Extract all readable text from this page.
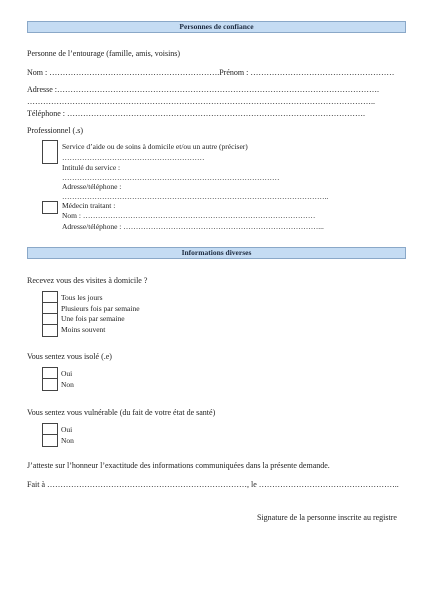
Personnes de confiance
Personne de l’entourage (famille, amis, voisins)
Nom : ……………………………………………………….Prénom : ………………………………………………
Adresse :………………………………………………………………………………………………………….
…………………………………………………………………………………………………………………..
Téléphone : ………………………………………………………………………………………………….
Professionnel (.s)
Service d’aide ou de soins à domicile et/ou un autre (préciser)
…………………………………………………
Intitulé du service :
……………………………………………………………………………
Adresse/téléphone :
……………………………………………………………………………………………..
Médecin traitant :
Nom : …………………………………………………………………………………
Adresse/téléphone : ……………………………………………………………………...
Informations diverses
Recevez vous des visites à domicile ?
Tous les jours
Plusieurs fois par semaine
Une fois par semaine
Moins souvent
Vous sentez vous isolé (.e)
Oui
Non
Vous sentez vous vulnérable (du fait de votre état de santé)
Oui
Non
J’atteste sur l’honneur l’exactitude des informations communiquées dans la présente demande.
Fait à …………………………………………………………………, le ……………………………………………..
Signature de la personne inscrite au registre
